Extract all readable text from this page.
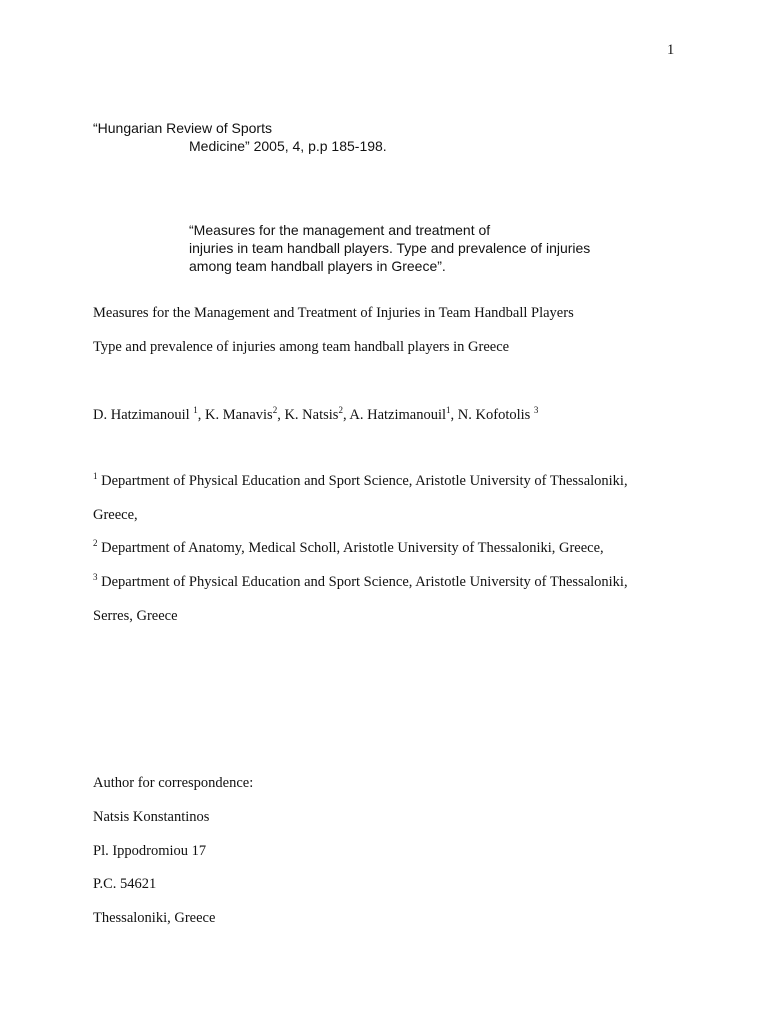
1
“Hungarian Review of Sports
Medicine” 2005, 4, p.p 185-198.
“Measures for the management and treatment of
injuries in team handball players. Type and prevalence of injuries
among team handball players in Greece”.
Measures for the Management and Treatment of Injuries in Team Handball Players
Type and prevalence of injuries among team handball players in Greece
D. Hatzimanouil $^1$, K. Manavis$^2$, K. Natsis$^2$, A. Hatzimanouil$^1$, N. Kofotolis $^3$
$^1$ Department of Physical Education and Sport Science, Aristotle University of Thessaloniki,
Greece,
$^2$ Department of Anatomy, Medical Scholl, Aristotle University of Thessaloniki, Greece,
$^3$ Department of Physical Education and Sport Science, Aristotle University of Thessaloniki,
Serres, Greece
Author for correspondence:
Natsis Konstantinos
Pl. Ippodromiou 17
P.C. 54621
Thessaloniki, Greece
